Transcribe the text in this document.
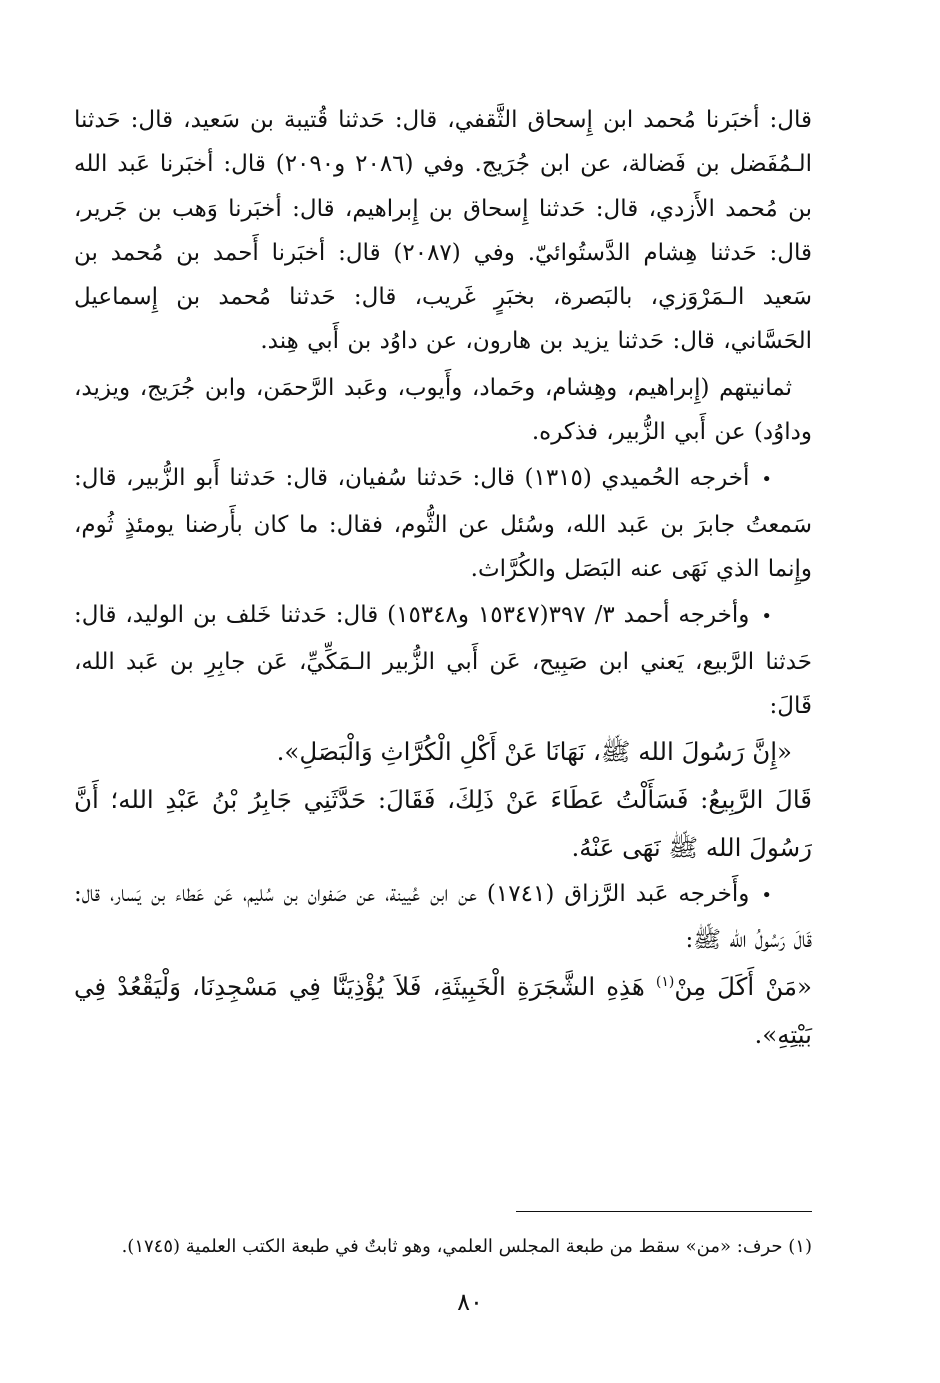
قال: أخبَرنا مُحمد ابن إِسحاق الثَّقفي، قال: حَدثنا قُتيبة بن سَعيد، قال: حَدثنا الـمُفَضل بن فَضالة، عن ابن جُرَيج. وفي (٢٠٨٦ و٢٠٩٠) قال: أخبَرنا عَبد الله بن مُحمد الأَزدي، قال: حَدثنا إِسحاق بن إِبراهيم، قال: أخبَرنا وَهب بن جَرير، قال: حَدثنا هِشام الدَّستُوائيّ. وفي (٢٠٨٧) قال: أخبَرنا أَحمد بن مُحمد بن سَعيد الـمَرْوَزي، بالبَصرة، بخبَرٍ غَريب، قال: حَدثنا مُحمد بن إِسماعيل الحَسَّاني، قال: حَدثنا يزيد بن هارون، عن داوُد بن أَبي هِند.

ثمانيتهم (إِبراهيم، وهِشام، وحَماد، وأَيوب، وعَبد الرَّحمَن، وابن جُرَيج، ويزيد، وداوُد) عن أَبي الزُّبير، فذكره.

•أخرجه الحُميدي (١٣١٥) قال: حَدثنا سُفيان، قال: حَدثنا أَبو الزُّبير، قال: سَمعتُ جابرَ بن عَبد الله، وسُئل عن الثُّوم، فقال: ما كان بأَرضنا يومئذٍ ثُوم، وإِنما الذي نَهَى عنه البَصَل والكُرَّاث.

•وأخرجه أحمد ٣/ ٣٩٧(١٥٣٤٧ و١٥٣٤٨) قال: حَدثنا خَلف بن الوليد، قال: حَدثنا الرَّبيع، يَعني ابن صَبِيح، عَن أَبي الزُّبير الـمَكِّيِّ، عَن جابِرِ بن عَبد الله، قَالَ:

«إِنَّ رَسُولَ الله ﷺ، نَهَانَا عَنْ أَكْلِ الْكُرَّاثِ وَالْبَصَلِ».

قَالَ الرَّبِيعُ: فَسَأَلْتُ عَطَاءَ عَنْ ذَلِكَ، فَقَالَ: حَدَّثَنِي جَابِرُ بْنُ عَبْدِ الله؛ أَنَّ رَسُولَ الله ﷺ نَهَى عَنْهُ.

•وأَخرجه عَبد الرَّزاق (١٧٤١) عن ابن عُيينة، عن صَفوان بن سُليم، عَن عَطاء بن يَسار، قال: قَالَ رَسُولُ الله ﷺ:

«مَنْ أَكَلَ مِنْ$^{(١)}$ هَذِهِ الشَّجَرَةِ الْخَبِيثَةِ، فَلاَ يُؤْذِيَنَّا فِي مَسْجِدِنَا، وَلْيَقْعُدْ فِي بَيْتِهِ».

(١) حرف: «من» سقط من طبعة المجلس العلمي، وهو ثابتٌ في طبعة الكتب العلمية (١٧٤٥).

٨٠
